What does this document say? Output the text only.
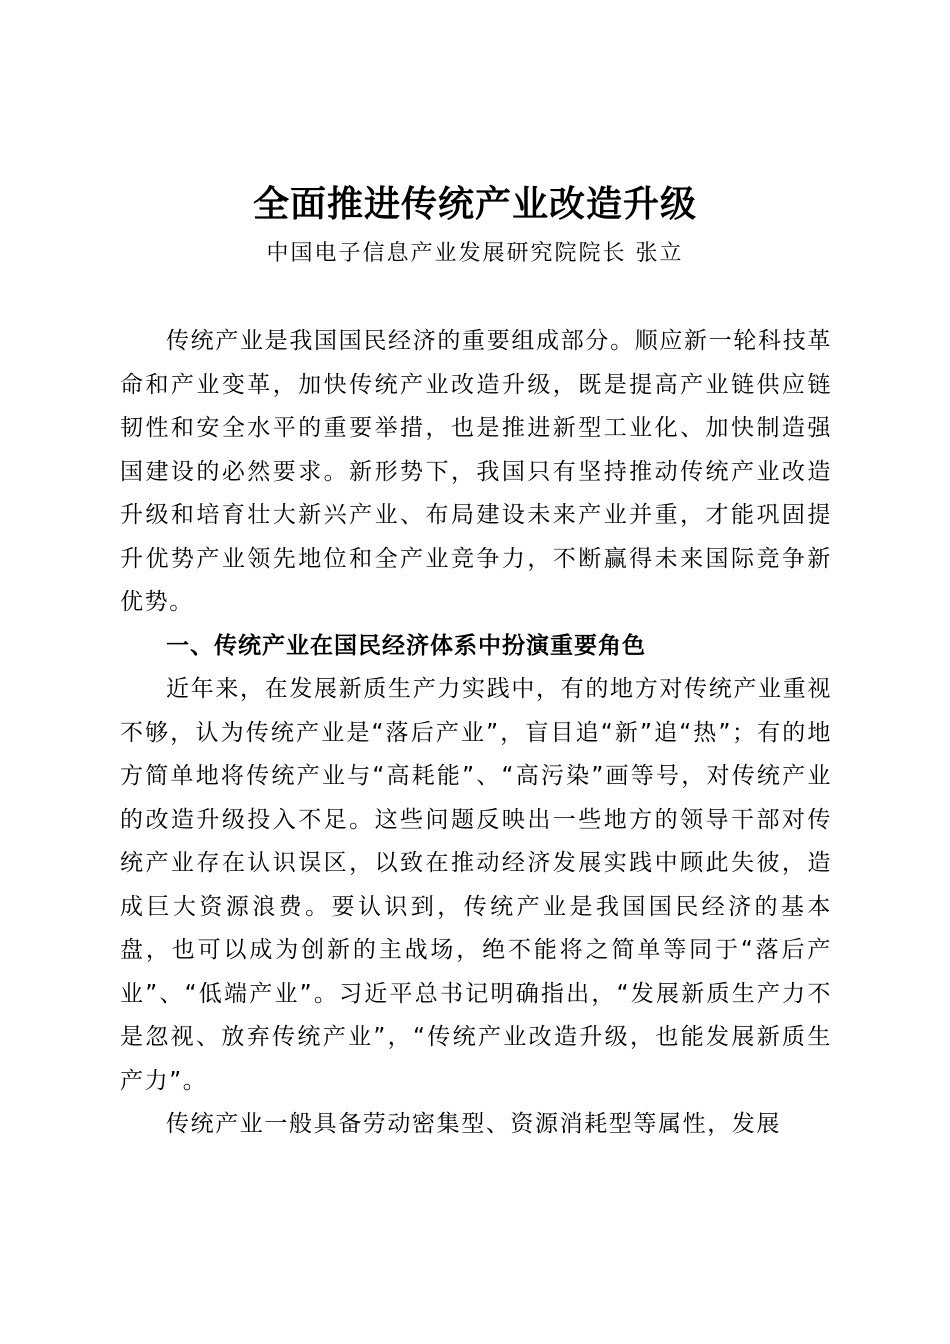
全面推进传统产业改造升级
中国电子信息产业发展研究院院长 张立

传统产业是我国国民经济的重要组成部分。顺应新一轮科技革命和产业变革，加快传统产业改造升级，既是提高产业链供应链韧性和安全水平的重要举措，也是推进新型工业化、加快制造强国建设的必然要求。新形势下，我国只有坚持推动传统产业改造升级和培育壮大新兴产业、布局建设未来产业并重，才能巩固提升优势产业领先地位和全产业竞争力，不断赢得未来国际竞争新优势。

一、传统产业在国民经济体系中扮演重要角色

近年来，在发展新质生产力实践中，有的地方对传统产业重视不够，认为传统产业是“落后产业”，盲目追“新”追“热”；有的地方简单地将传统产业与“高耗能”、“高污染”画等号，对传统产业的改造升级投入不足。这些问题反映出一些地方的领导干部对传统产业存在认识误区，以致在推动经济发展实践中顾此失彼，造成巨大资源浪费。要认识到，传统产业是我国国民经济的基本盘，也可以成为创新的主战场，绝不能将之简单等同于“落后产业”、“低端产业”。习近平总书记明确指出，“发展新质生产力不是忽视、放弃传统产业”，“传统产业改造升级，也能发展新质生产力”。

传统产业一般具备劳动密集型、资源消耗型等属性，发展
